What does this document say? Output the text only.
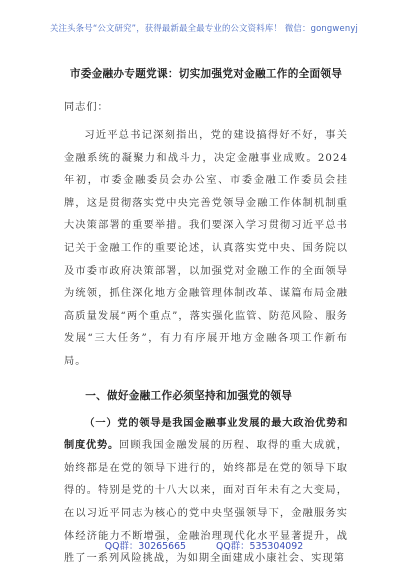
关注头条号“公文研究”，获得最新最全最专业的公文资料库！ 微信：gongwenyj

市委金融办专题党课：切实加强党对金融工作的全面领导

同志们：

习近平总书记深刻指出，党的建设搞得好不好，事关金融系统的凝聚力和战斗力，决定金融事业成败。2024年初，市委金融委员会办公室、市委金融工作委员会挂牌，这是贯彻落实党中央完善党领导金融工作体制机制重大决策部署的重要举措。我们要深入学习贯彻习近平总书记关于金融工作的重要论述，认真落实党中央、国务院以及市委市政府决策部署，以加强党对金融工作的全面领导为统领，抓住深化地方金融管理体制改革、谋篇布局金融高质量发展“两个重点”，落实强化监管、防范风险、服务发展“三大任务”，有力有序展开地方金融各项工作新布局。

一、做好金融工作必须坚持和加强党的领导

（一）党的领导是我国金融事业发展的最大政治优势和制度优势。回顾我国金融发展的历程、取得的重大成就，始终都是在党的领导下进行的，始终都是在党的领导下取得的。特别是党的十八大以来，面对百年未有之大变局，在以习近平同志为核心的党中央坚强领导下，金融服务实体经济能力不断增强，金融治理现代化水平显著提升，战胜了一系列风险挑战，为如期全面建成小康社会、实现第

QQ群：30265665	QQ群：535304092
